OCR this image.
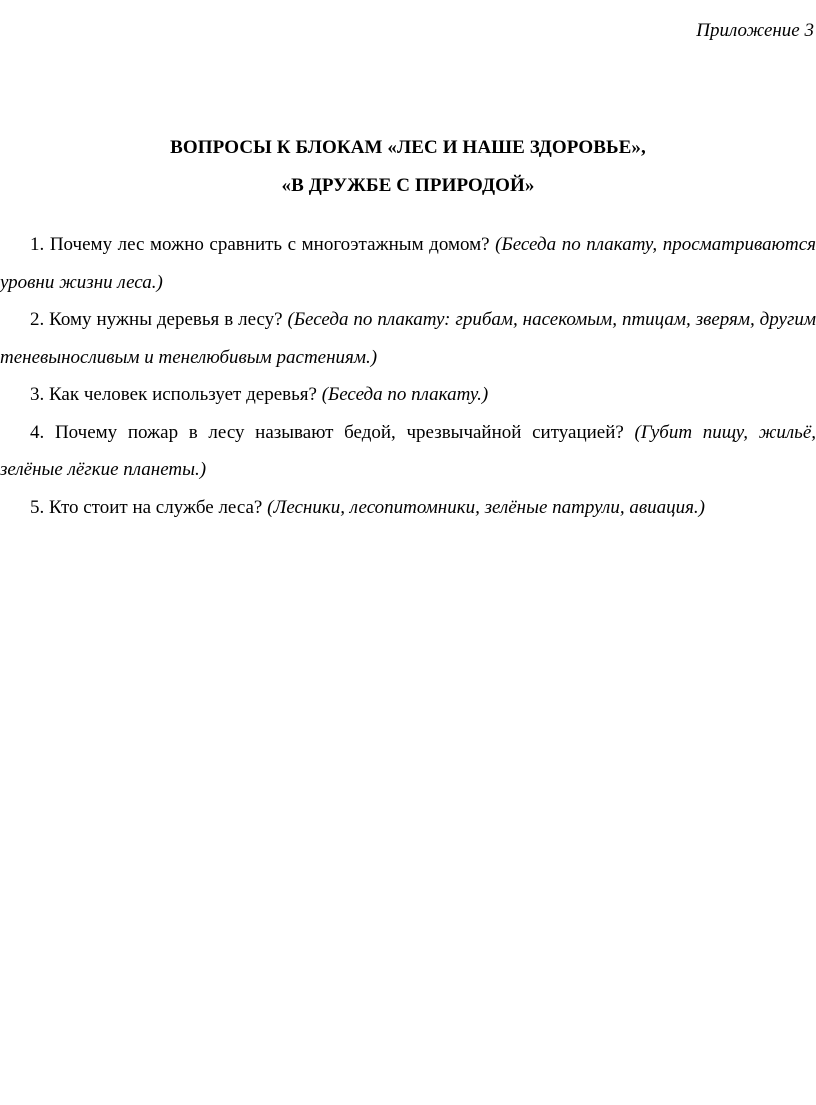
Приложение 3
ВОПРОСЫ К БЛОКАМ «ЛЕС И НАШЕ ЗДОРОВЬЕ»,
«В ДРУЖБЕ С ПРИРОДОЙ»

1. Почему лес можно сравнить с многоэтажным домом? (Беседа по плакату, просматриваются уровни жизни леса.)

2. Кому нужны деревья в лесу? (Беседа по плакату: грибам, насекомым, птицам, зверям, другим теневыносливым и тенелюбивым растениям.)

3. Как человек использует деревья? (Беседа по плакату.)

4. Почему пожар в лесу называют бедой, чрезвычайной ситуацией? (Губит пищу, жильё, зелёные лёгкие планеты.)

5. Кто стоит на службе леса? (Лесники, лесопитомники, зелёные патрули, авиация.)
